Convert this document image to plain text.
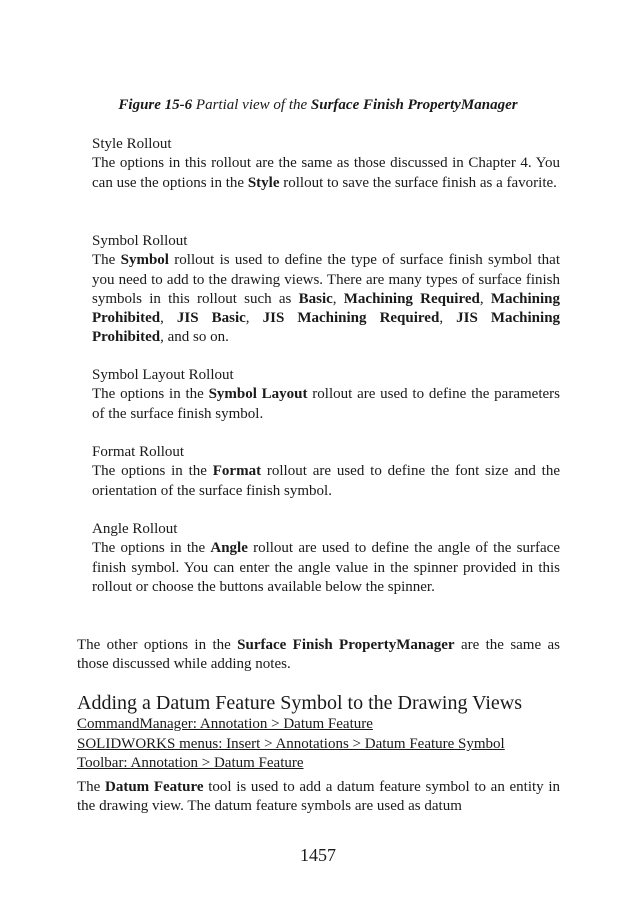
Figure 15-6 Partial view of the Surface Finish PropertyManager

Style Rollout

The options in this rollout are the same as those discussed in Chapter 4. You can use the options in the Style rollout to save the surface finish as a favorite.

Symbol Rollout

The Symbol rollout is used to define the type of surface finish symbol that you need to add to the drawing views. There are many types of surface finish symbols in this rollout such as Basic, Machining Required, Machining Prohibited, JIS Basic, JIS Machining Required, JIS Machining Prohibited, and so on.

Symbol Layout Rollout

The options in the Symbol Layout rollout are used to define the parameters of the surface finish symbol.

Format Rollout

The options in the Format rollout are used to define the font size and the orientation of the surface finish symbol.

Angle Rollout

The options in the Angle rollout are used to define the angle of the surface finish symbol. You can enter the angle value in the spinner provided in this rollout or choose the buttons available below the spinner.

The other options in the Surface Finish PropertyManager are the same as those discussed while adding notes.

Adding a Datum Feature Symbol to the Drawing Views

CommandManager: Annotation > Datum Feature

SOLIDWORKS menus: Insert > Annotations > Datum Feature Symbol

Toolbar: Annotation > Datum Feature

The Datum Feature tool is used to add a datum feature symbol to an entity in the drawing view. The datum feature symbols are used as datum

1457
